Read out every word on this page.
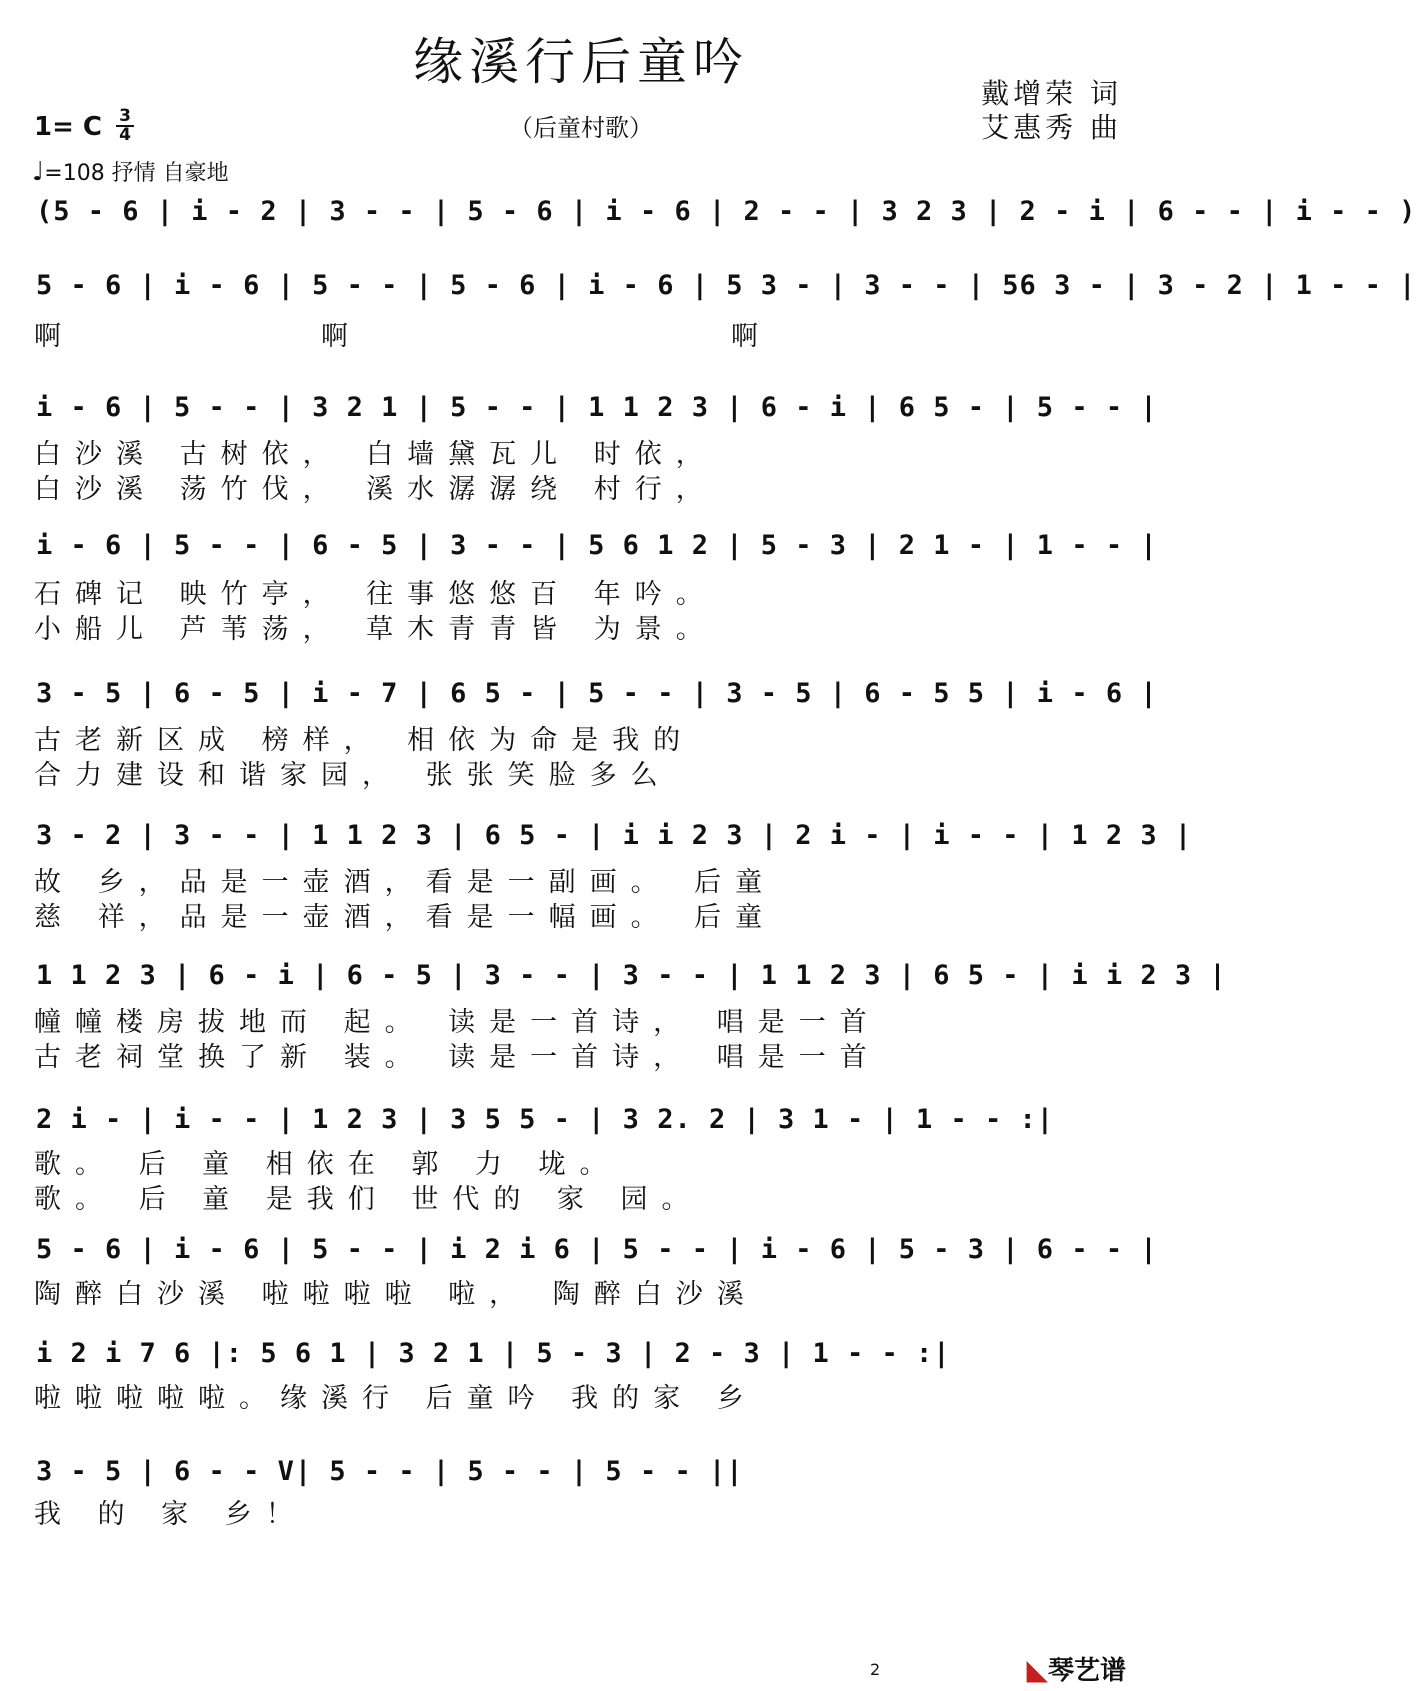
缘溪行后童吟
（后童村歌）
戴增荣 词
艾惠秀 曲
1= C 3
4
♩=108 抒情 自豪地
(5 - 6 | i - 2 | 3 - - | 5 - 6 | i - 6 | 2 - - | 3 2 3 | 2 - i | 6 - - | i - - )
5 - 6 | i - 6 | 5 - - | 5 - 6 | i - 6 | 5 3 - | 3 - - | 56 3 - | 3 - 2 | 1 - - |
啊　　　　　　啊　　　　　　　　　啊
i - 6 | 5 - - | 3 2 1 | 5 - - | 1 1 2 3 | 6 - i | 6 5 - | 5 - - |
白沙溪 古树依， 白墙黛瓦儿 时依，
白沙溪 荡竹伐， 溪水潺潺绕 村行，
i - 6 | 5 - - | 6 - 5 | 3 - - | 5 6 1 2 | 5 - 3 | 2 1 - | 1 - - |
石碑记 映竹亭， 往事悠悠百 年吟。
小船儿 芦苇荡， 草木青青皆 为景。
3 - 5 | 6 - 5 | i - 7 | 6 5 - | 5 - - | 3 - 5 | 6 - 5 5 | i - 6 |
古老新区成 榜样， 相依为命是我的
合力建设和谐家园， 张张笑脸多么
3 - 2 | 3 - - | 1 1 2 3 | 6 5 - | i i 2 3 | 2 i - | i - - | 1 2 3 |
故 乡，品是一壶酒，看是一副画。 后童
慈 祥，品是一壶酒，看是一幅画。 后童
1 1 2 3 | 6 - i | 6 - 5 | 3 - - | 3 - - | 1 1 2 3 | 6 5 - | i i 2 3 |
幢幢楼房拔地而 起。 读是一首诗， 唱是一首
古老祠堂换了新 装。 读是一首诗， 唱是一首
2 i - | i - - | 1 2 3 | 3 5 5 - | 3 2. 2 | 3 1 - | 1 - - :|
歌。 后 童 相依在 郭 力 垅。
歌。 后 童 是我们 世代的 家 园。
5 - 6 | i - 6 | 5 - - | i 2 i 6 | 5 - - | i - 6 | 5 - 3 | 6 - - |
陶醉白沙溪 啦啦啦啦 啦， 陶醉白沙溪
i 2 i 7 6 |: 5 6 1 | 3 2 1 | 5 - 3 | 2 - 3 | 1 - - :|
啦啦啦啦啦。缘溪行 后童吟 我的家 乡
3 - 5 | 6 - - V| 5 - - | 5 - - | 5 - - ||
我 的 家 乡！
2	◣琴艺谱
